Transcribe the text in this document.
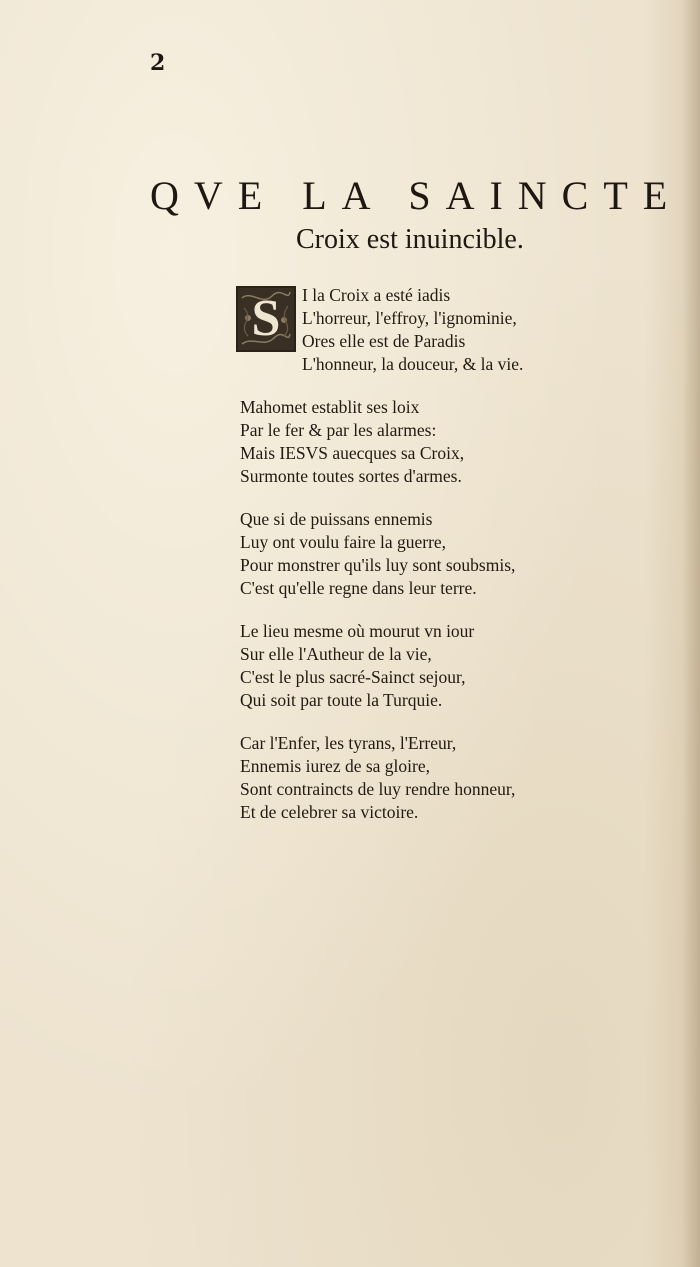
2
QVE LA SAINCTE
Croix est inuincible.
S	I la Croix a esté iadis
L'horreur, l'effroy, l'ignominie,
Ores elle est de Paradis
L'honneur, la douceur, & la vie.
Mahomet establit ses loix
Par le fer & par les alarmes:
Mais IESVS auecques sa Croix,
Surmonte toutes sortes d'armes.
Que si de puissans ennemis
Luy ont voulu faire la guerre,
Pour monstrer qu'ils luy sont soubsmis,
C'est qu'elle regne dans leur terre.
Le lieu mesme où mourut vn iour
Sur elle l'Autheur de la vie,
C'est le plus sacré-Sainct sejour,
Qui soit par toute la Turquie.
Car l'Enfer, les tyrans, l'Erreur,
Ennemis iurez de sa gloire,
Sont contraincts de luy rendre honneur,
Et de celebrer sa victoire.
